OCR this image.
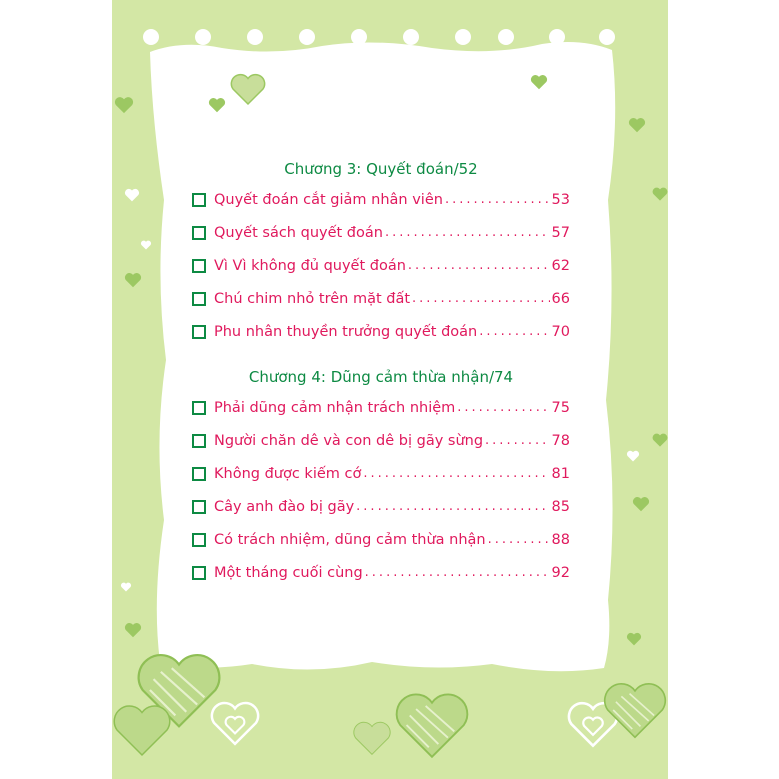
Chương 3: Quyết đoán/52
Quyết đoán cắt giảm nhân viên .....	53
Quyết sách quyết đoán .....	57
Vì Vì không đủ quyết đoán .....	62
Chú chim nhỏ trên mặt đất .....	66
Phu nhân thuyền trưởng quyết đoán .....	70
Chương 4: Dũng cảm thừa nhận/74
Phải dũng cảm nhận trách nhiệm .....	75
Người chăn dê và con dê bị gãy sừng .....	78
Không được kiếm cớ .....	81
Cây anh đào bị gãy .....	85
Có trách nhiệm, dũng cảm thừa nhận .....	88
Một tháng cuối cùng .....	92
